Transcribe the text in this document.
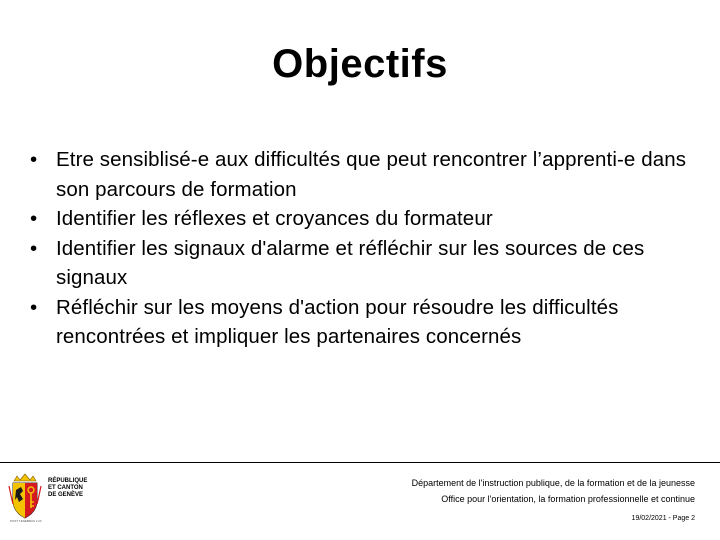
Objectifs
• Etre sensiblisé-e aux difficultés que peut rencontrer l’apprenti-e dans son parcours de formation
• Identifier les réflexes et croyances du formateur
• Identifier les signaux d'alarme et réfléchir sur les sources de ces signaux
• Réfléchir sur les moyens d'action pour résoudre les difficultés rencontrées et impliquer les partenaires concernés
RÉPUBLIQUE
ET CANTON
DE GENÈVE
POST TENEBRAS LUX
Département de l'instruction publique, de la formation et de la jeunesse
Office pour l'orientation, la formation professionnelle et continue
19/02/2021 - Page 2
